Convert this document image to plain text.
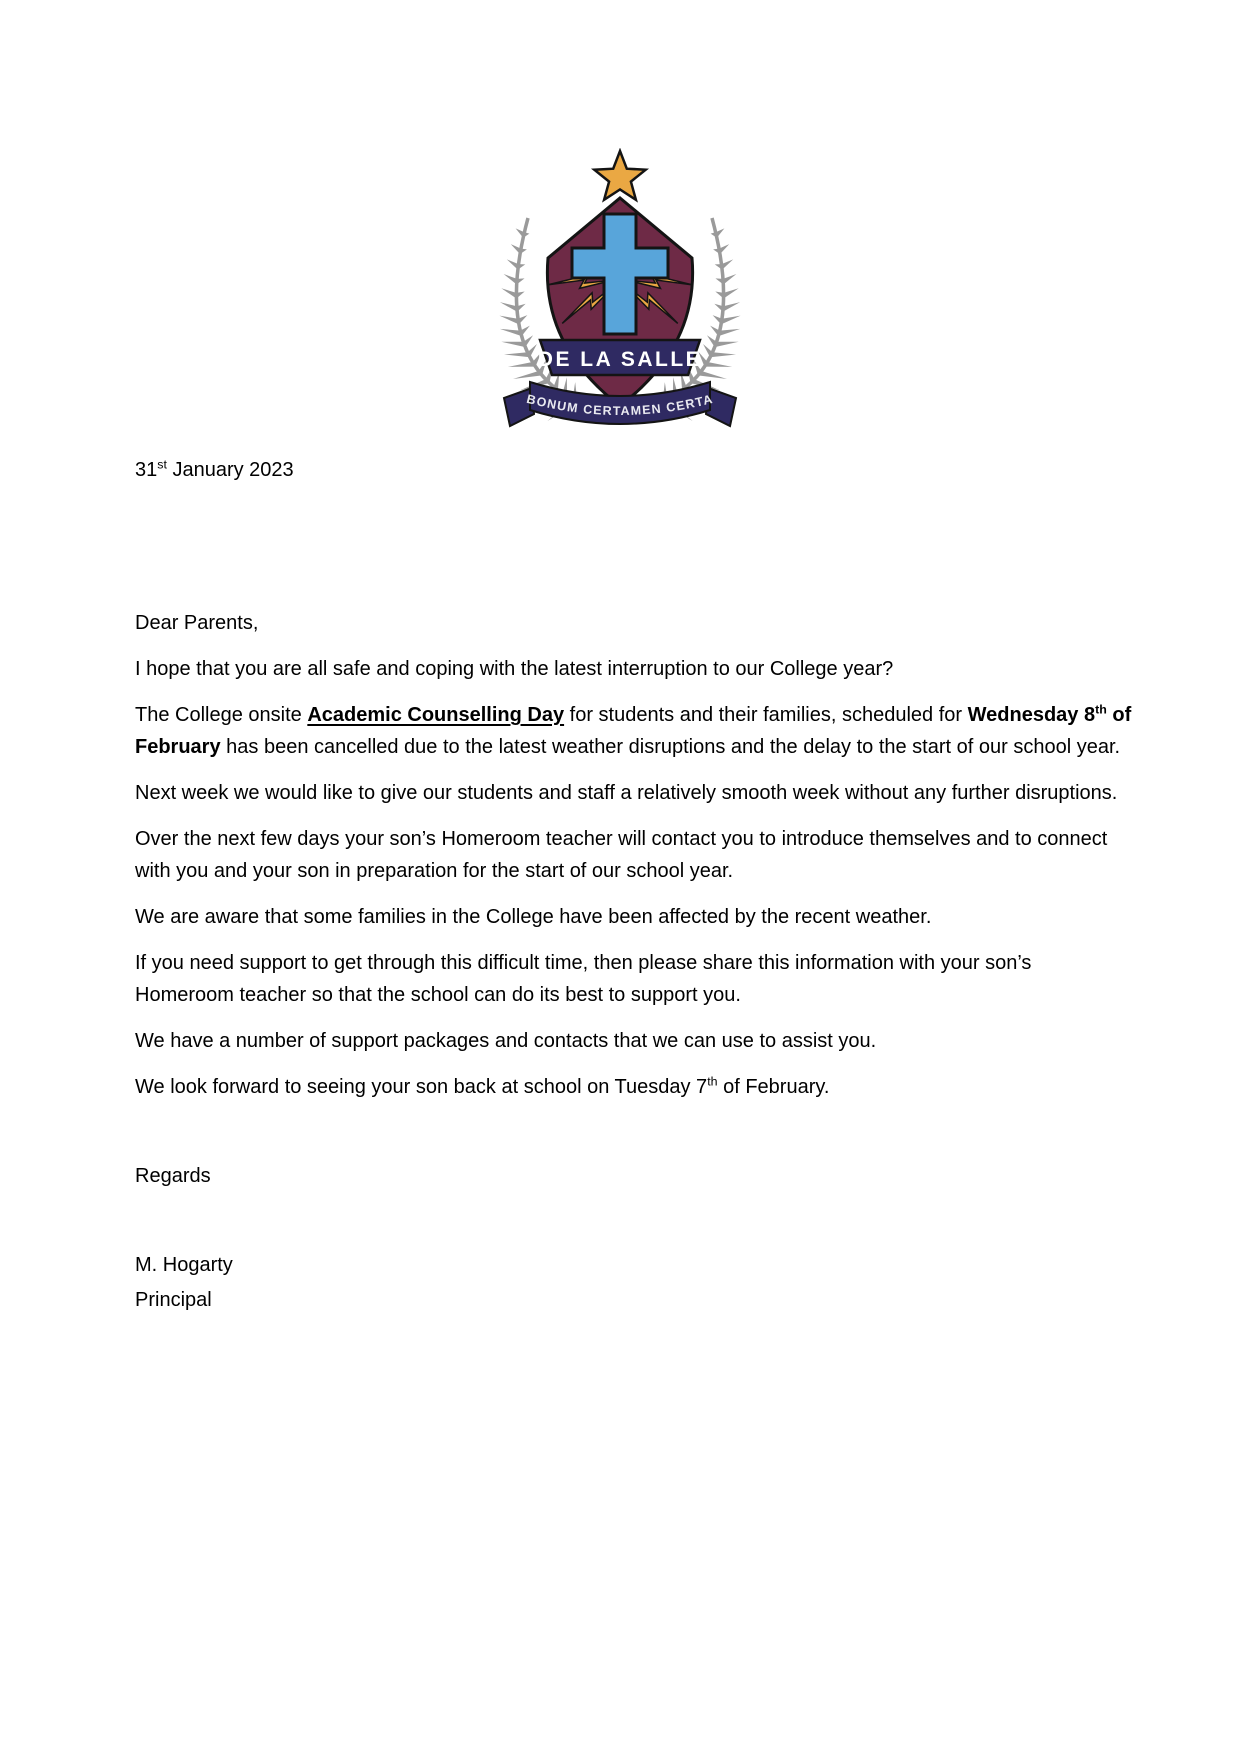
DE LA SALLE
BONUM CERTAMEN CERTA

31st January 2023

Dear Parents,

I hope that you are all safe and coping with the latest interruption to our College year?

The College onsite Academic Counselling Day for students and their families, scheduled for Wednesday 8th of February has been cancelled due to the latest weather disruptions and the delay to the start of our school year.

Next week we would like to give our students and staff a relatively smooth week without any further disruptions.

Over the next few days your son’s Homeroom teacher will contact you to introduce themselves and to connect with you and your son in preparation for the start of our school year.

We are aware that some families in the College have been affected by the recent weather.

If you need support to get through this difficult time, then please share this information with your son’s Homeroom teacher so that the school can do its best to support you.

We have a number of support packages and contacts that we can use to assist you.

We look forward to seeing your son back at school on Tuesday 7th of February.

Regards

M. Hogarty

Principal
